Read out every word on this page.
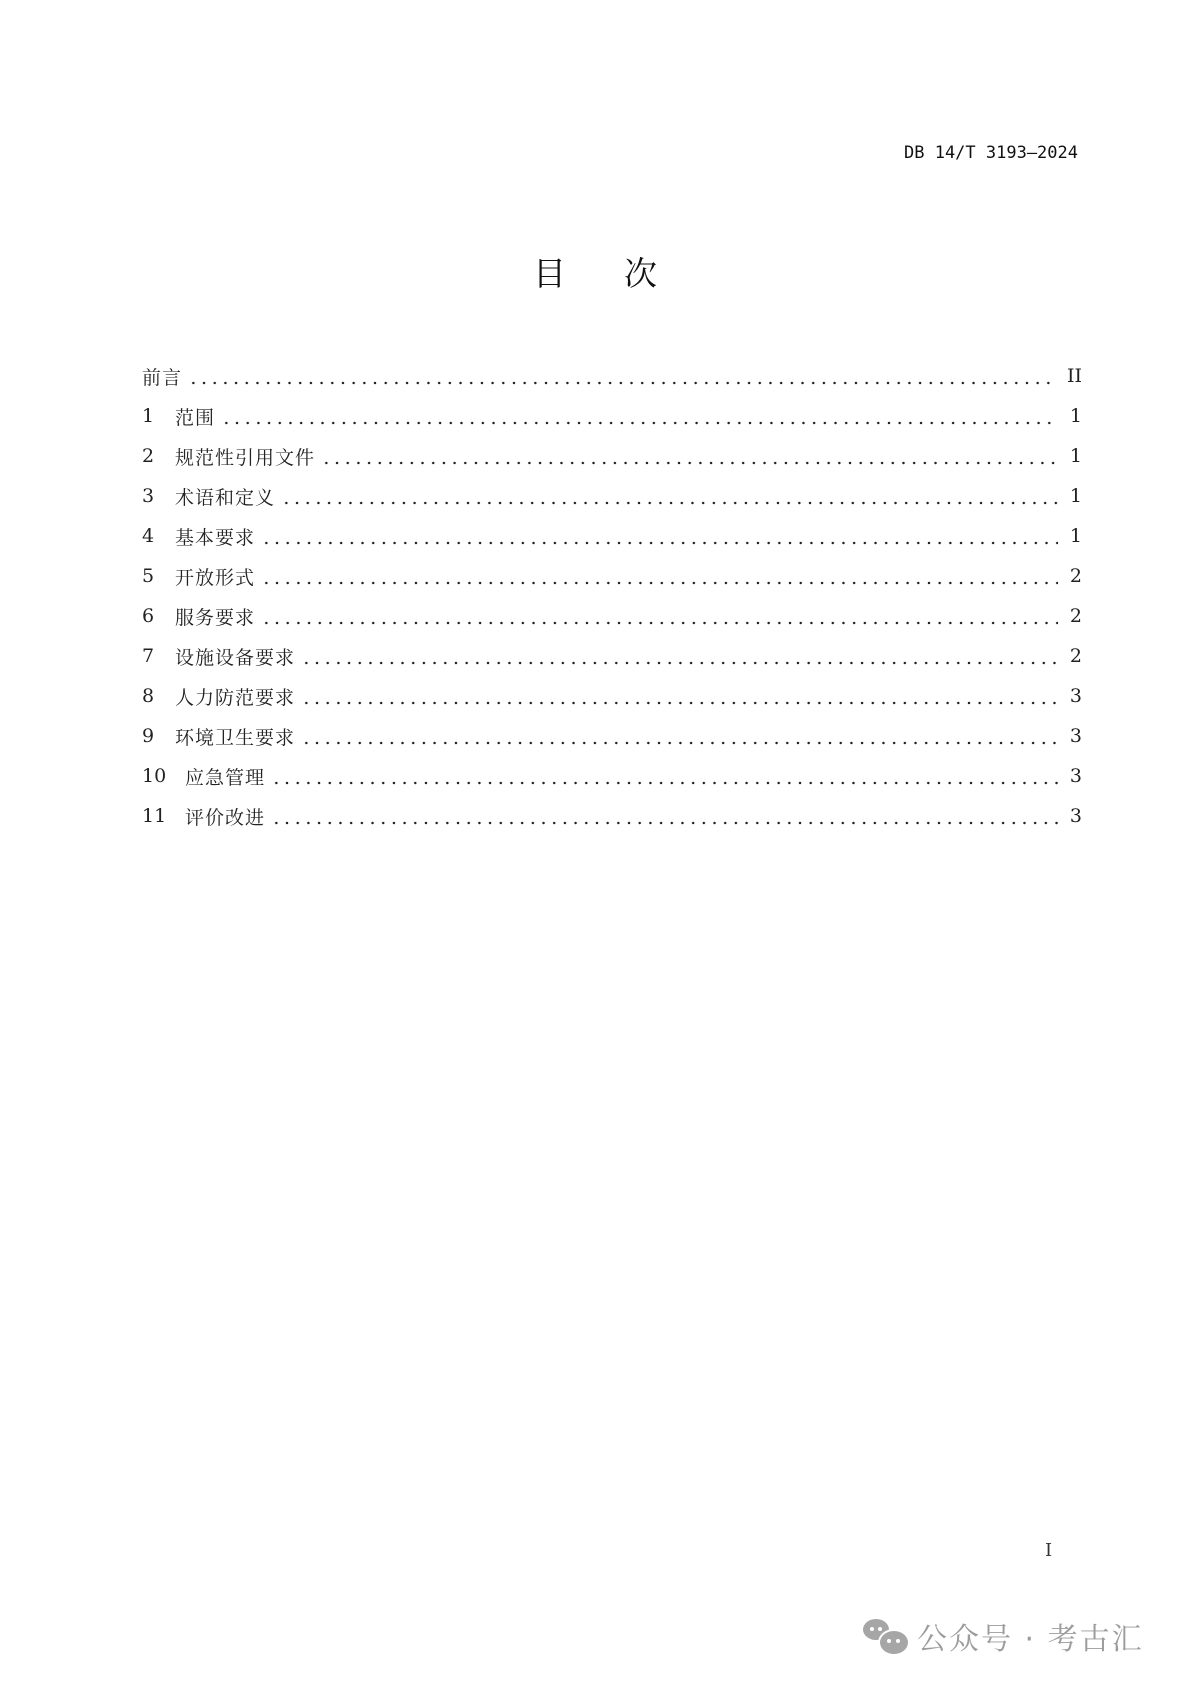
DB 14/T 3193—2024
目 次
前言	II
1	范围	1
2	规范性引用文件	1
3	术语和定义	1
4	基本要求	1
5	开放形式	2
6	服务要求	2
7	设施设备要求	2
8	人力防范要求	3
9	环境卫生要求	3
10 应急管理	3
11 评价改进	3
I
公众号 · 考古汇
